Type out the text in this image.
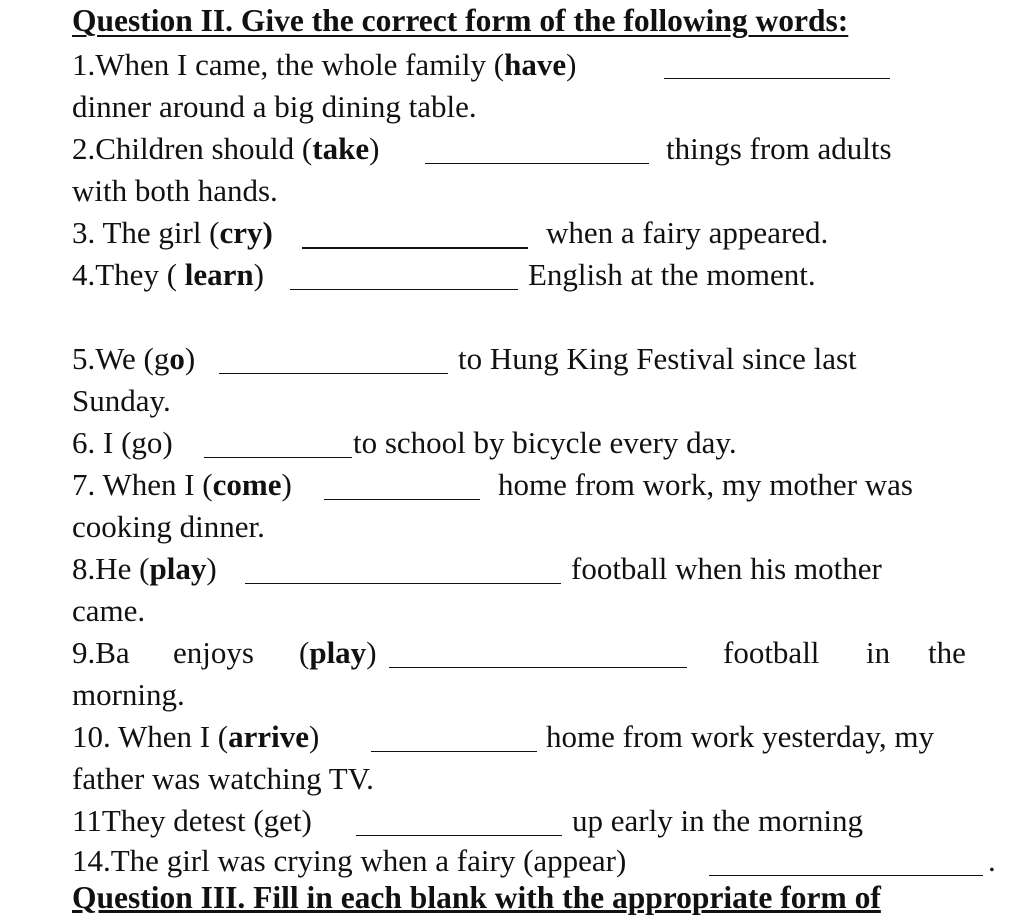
Question II. Give the correct form of the following words:
1.When I came, the whole family (have)
dinner around a big dining table.
2.Children should (take)	things from adults
with both hands.
3. The girl (cry)	when a fairy appeared.
4.They ( learn)	English at the moment.
5.We (go)	to Hung King Festival since last
Sunday.
6. I (go)	to school by bicycle every day.
7. When I (come)	home from work, my mother was
cooking dinner.
8.He (play)	football when his mother
came.
9.Ba enjoys (play)	football in the
morning.
10. When I (arrive)	home from work yesterday, my
father was watching TV.
11They detest (get)	up early in the morning
14.The girl was crying when a fairy (appear)	.
Question III. Fill in each blank with the appropriate form of
